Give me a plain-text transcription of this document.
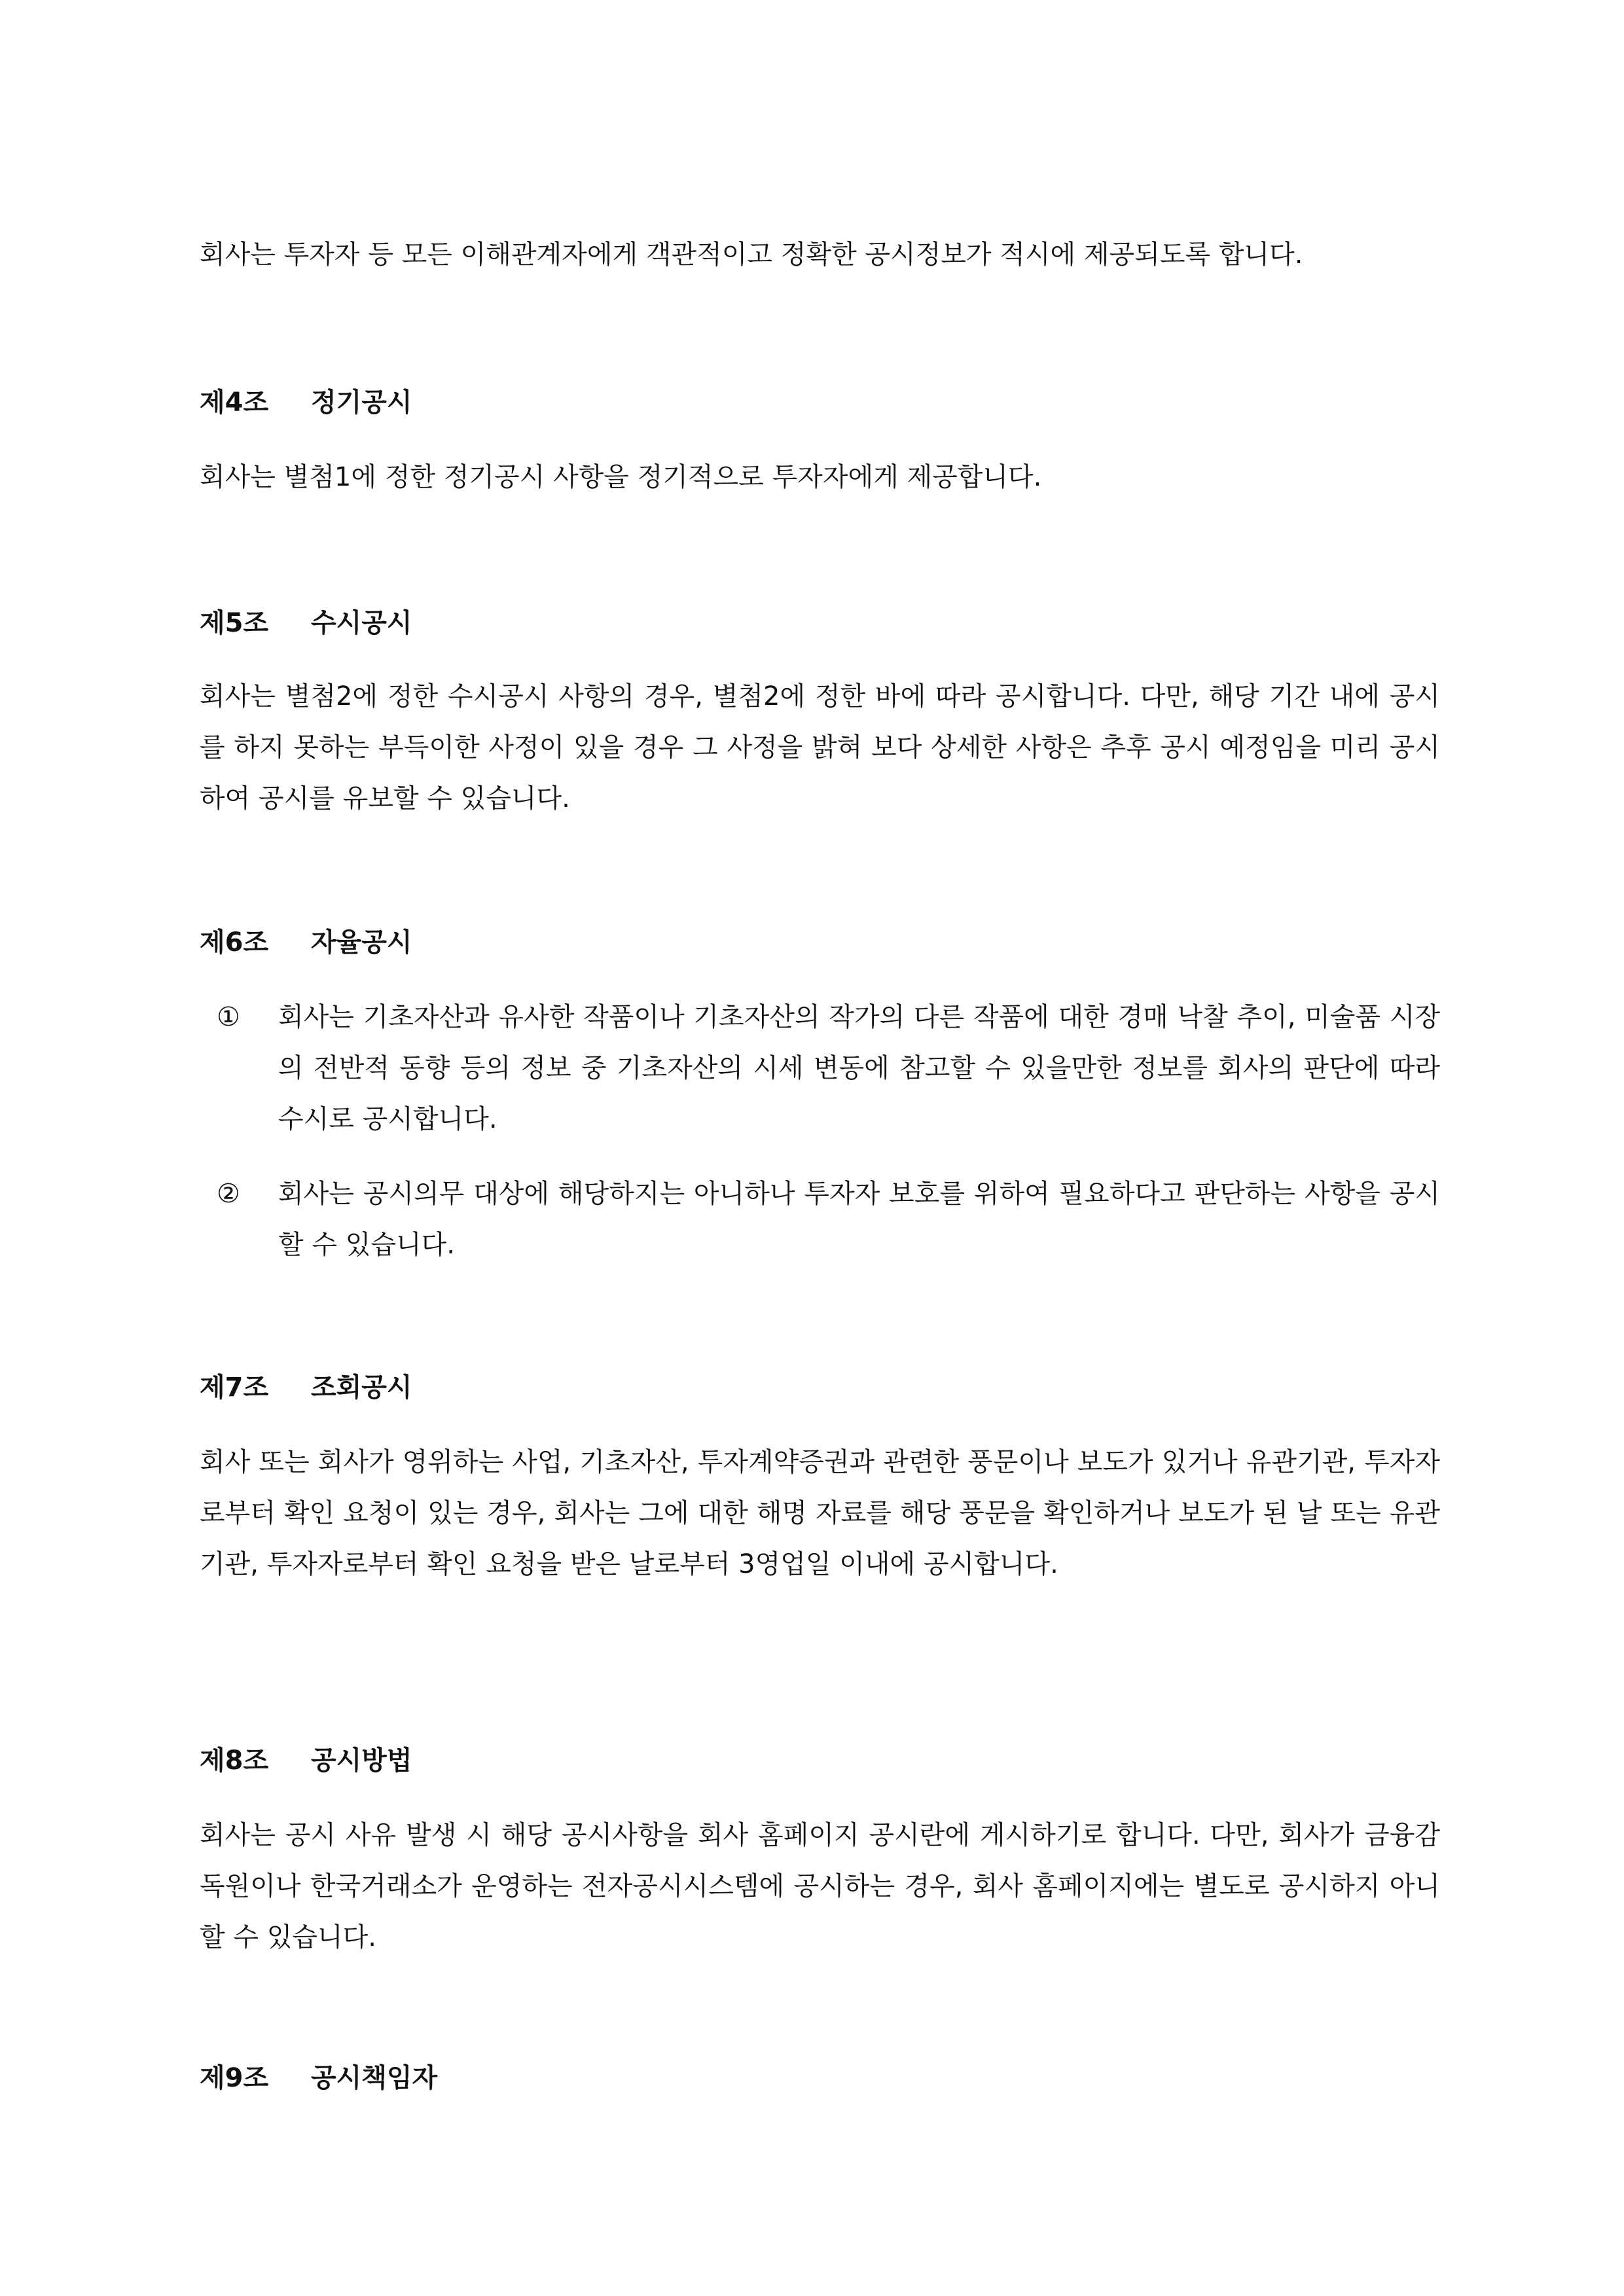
회사는 투자자 등 모든 이해관계자에게 객관적이고 정확한 공시정보가 적시에 제공되도록 합니다.

제4조 정기공시

회사는 별첨1에 정한 정기공시 사항을 정기적으로 투자자에게 제공합니다.

제5조 수시공시

회사는 별첨2에 정한 수시공시 사항의 경우, 별첨2에 정한 바에 따라 공시합니다. 다만, 해당 기간 내에 공시를 하지 못하는 부득이한 사정이 있을 경우 그 사정을 밝혀 보다 상세한 사항은 추후 공시 예정임을 미리 공시하여 공시를 유보할 수 있습니다.

제6조 자율공시

① 회사는 기초자산과 유사한 작품이나 기초자산의 작가의 다른 작품에 대한 경매 낙찰 추이, 미술품 시장의 전반적 동향 등의 정보 중 기초자산의 시세 변동에 참고할 수 있을만한 정보를 회사의 판단에 따라 수시로 공시합니다.
② 회사는 공시의무 대상에 해당하지는 아니하나 투자자 보호를 위하여 필요하다고 판단하는 사항을 공시할 수 있습니다.

제7조 조회공시

회사 또는 회사가 영위하는 사업, 기초자산, 투자계약증권과 관련한 풍문이나 보도가 있거나 유관기관, 투자자로부터 확인 요청이 있는 경우, 회사는 그에 대한 해명 자료를 해당 풍문을 확인하거나 보도가 된 날 또는 유관기관, 투자자로부터 확인 요청을 받은 날로부터 3영업일 이내에 공시합니다.

제8조 공시방법

회사는 공시 사유 발생 시 해당 공시사항을 회사 홈페이지 공시란에 게시하기로 합니다. 다만, 회사가 금융감독원이나 한국거래소가 운영하는 전자공시시스템에 공시하는 경우, 회사 홈페이지에는 별도로 공시하지 아니할 수 있습니다.

제9조 공시책임자
